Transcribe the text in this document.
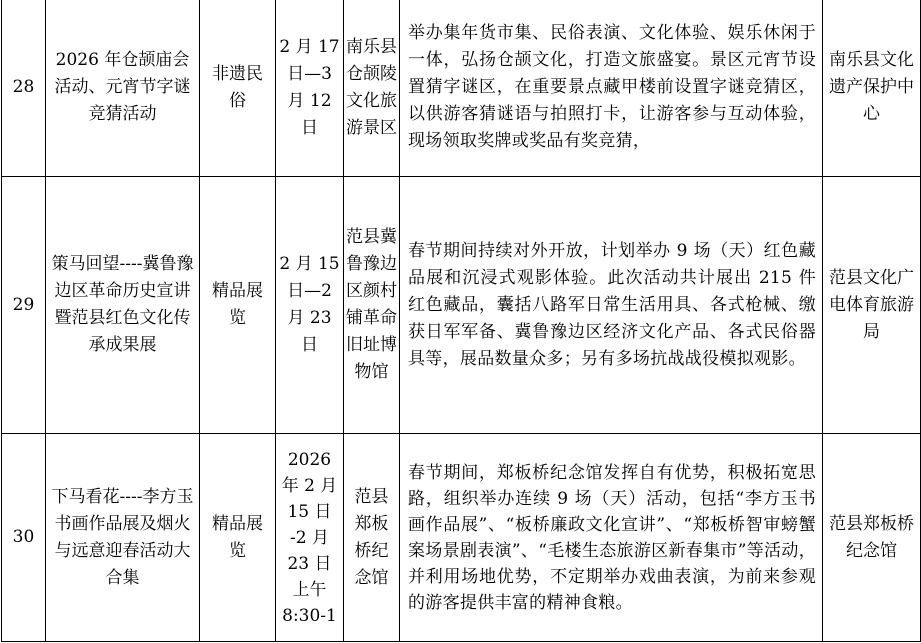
28	2026 年仓颉庙会活动、元宵节字谜竞猜活动	非遗民俗	2 月 17 日—3 月 12 日	南乐县仓颉陵文化旅游景区	举办集年货市集、民俗表演、文化体验、娱乐休闲于一体，弘扬仓颉文化，打造文旅盛宴。景区元宵节设置猜字谜区，在重要景点藏甲楼前设置字谜竞猜区，以供游客猜谜语与拍照打卡，让游客参与互动体验，现场领取奖牌或奖品有奖竞猜，	南乐县文化遗产保护中心
29	策马回望----冀鲁豫边区革命历史宣讲暨范县红色文化传承成果展	精品展览	2 月 15 日—2 月 23 日	范县冀鲁豫边区颜村铺革命旧址博物馆	春节期间持续对外开放，计划举办 9 场（天）红色藏品展和沉浸式观影体验。此次活动共计展出 215 件红色藏品，囊括八路军日常生活用具、各式枪械、缴获日军军备、冀鲁豫边区经济文化产品、各式民俗器具等，展品数量众多；另有多场抗战战役模拟观影。	范县文化广电体育旅游局
30	下马看花----李方玉书画作品展及烟火与远意迎春活动大合集	精品展览	2026 年 2 月 15 日 -2 月 23 日 上午 8:30-1	范县郑板桥纪念馆	春节期间，郑板桥纪念馆发挥自有优势，积极拓宽思路，组织举办连续 9 场（天）活动，包括“李方玉书画作品展”、“板桥廉政文化宣讲”、“郑板桥智审螃蟹案场景剧表演”、“毛楼生态旅游区新春集市”等活动，并利用场地优势，不定期举办戏曲表演，为前来参观的游客提供丰富的精神食粮。	范县郑板桥纪念馆
